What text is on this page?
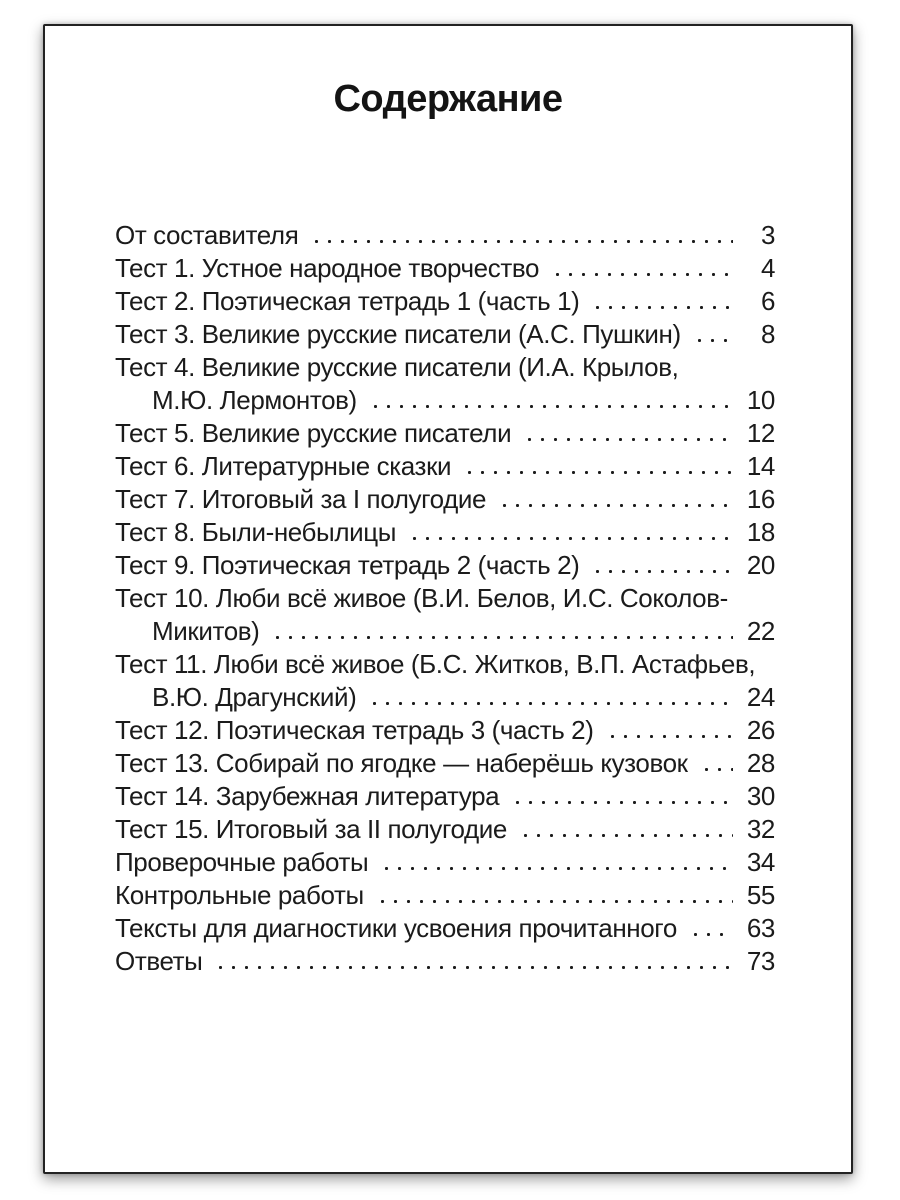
Содержание
От составителя	3
Тест 1. Устное народное творчество	4
Тест 2. Поэтическая тетрадь 1 (часть 1)	6
Тест 3. Великие русские писатели (А.С. Пушкин)	8
Тест 4. Великие русские писатели (И.А. Крылов,
М.Ю. Лермонтов)	10
Тест 5. Великие русские писатели	12
Тест 6. Литературные сказки	14
Тест 7. Итоговый за I полугодие	16
Тест 8. Были-небылицы	18
Тест 9. Поэтическая тетрадь 2 (часть 2)	20
Тест 10. Люби всё живое (В.И. Белов, И.С. Соколов-
Микитов)	22
Тест 11. Люби всё живое (Б.С. Житков, В.П. Астафьев,
В.Ю. Драгунский)	24
Тест 12. Поэтическая тетрадь 3 (часть 2)	26
Тест 13. Собирай по ягодке — наберёшь кузовок	28
Тест 14. Зарубежная литература	30
Тест 15. Итоговый за II полугодие	32
Проверочные работы	34
Контрольные работы	55
Тексты для диагностики усвоения прочитанного	63
Ответы	73
